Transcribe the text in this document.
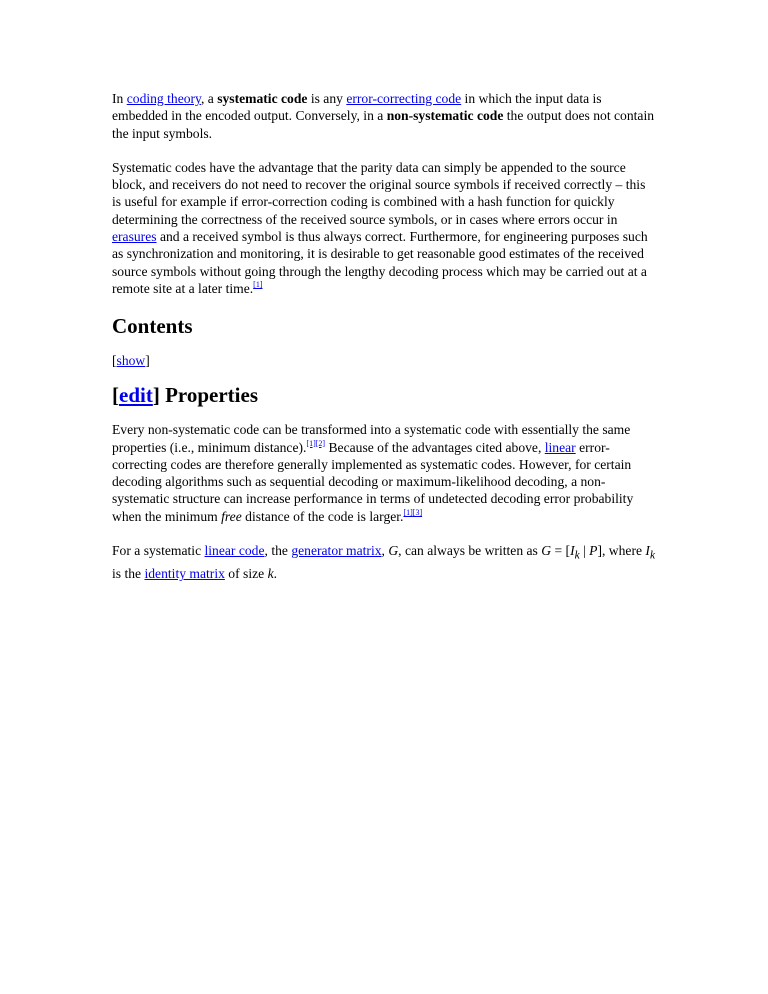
In coding theory, a systematic code is any error-correcting code in which the input data is embedded in the encoded output. Conversely, in a non-systematic code the output does not contain the input symbols.

Systematic codes have the advantage that the parity data can simply be appended to the source block, and receivers do not need to recover the original source symbols if received correctly – this is useful for example if error-correction coding is combined with a hash function for quickly determining the correctness of the received source symbols, or in cases where errors occur in erasures and a received symbol is thus always correct. Furthermore, for engineering purposes such as synchronization and monitoring, it is desirable to get reasonable good estimates of the received source symbols without going through the lengthy decoding process which may be carried out at a remote site at a later time.[1]

Contents
[show]
[edit] Properties

Every non-systematic code can be transformed into a systematic code with essentially the same properties (i.e., minimum distance).[1][2] Because of the advantages cited above, linear error-correcting codes are therefore generally implemented as systematic codes. However, for certain decoding algorithms such as sequential decoding or maximum-likelihood decoding, a non-systematic structure can increase performance in terms of undetected decoding error probability when the minimum free distance of the code is larger.[1][3]

For a systematic linear code, the generator matrix, G, can always be written as $G = [I_k$ | P], where $I_k$ is the identity matrix of size k.
